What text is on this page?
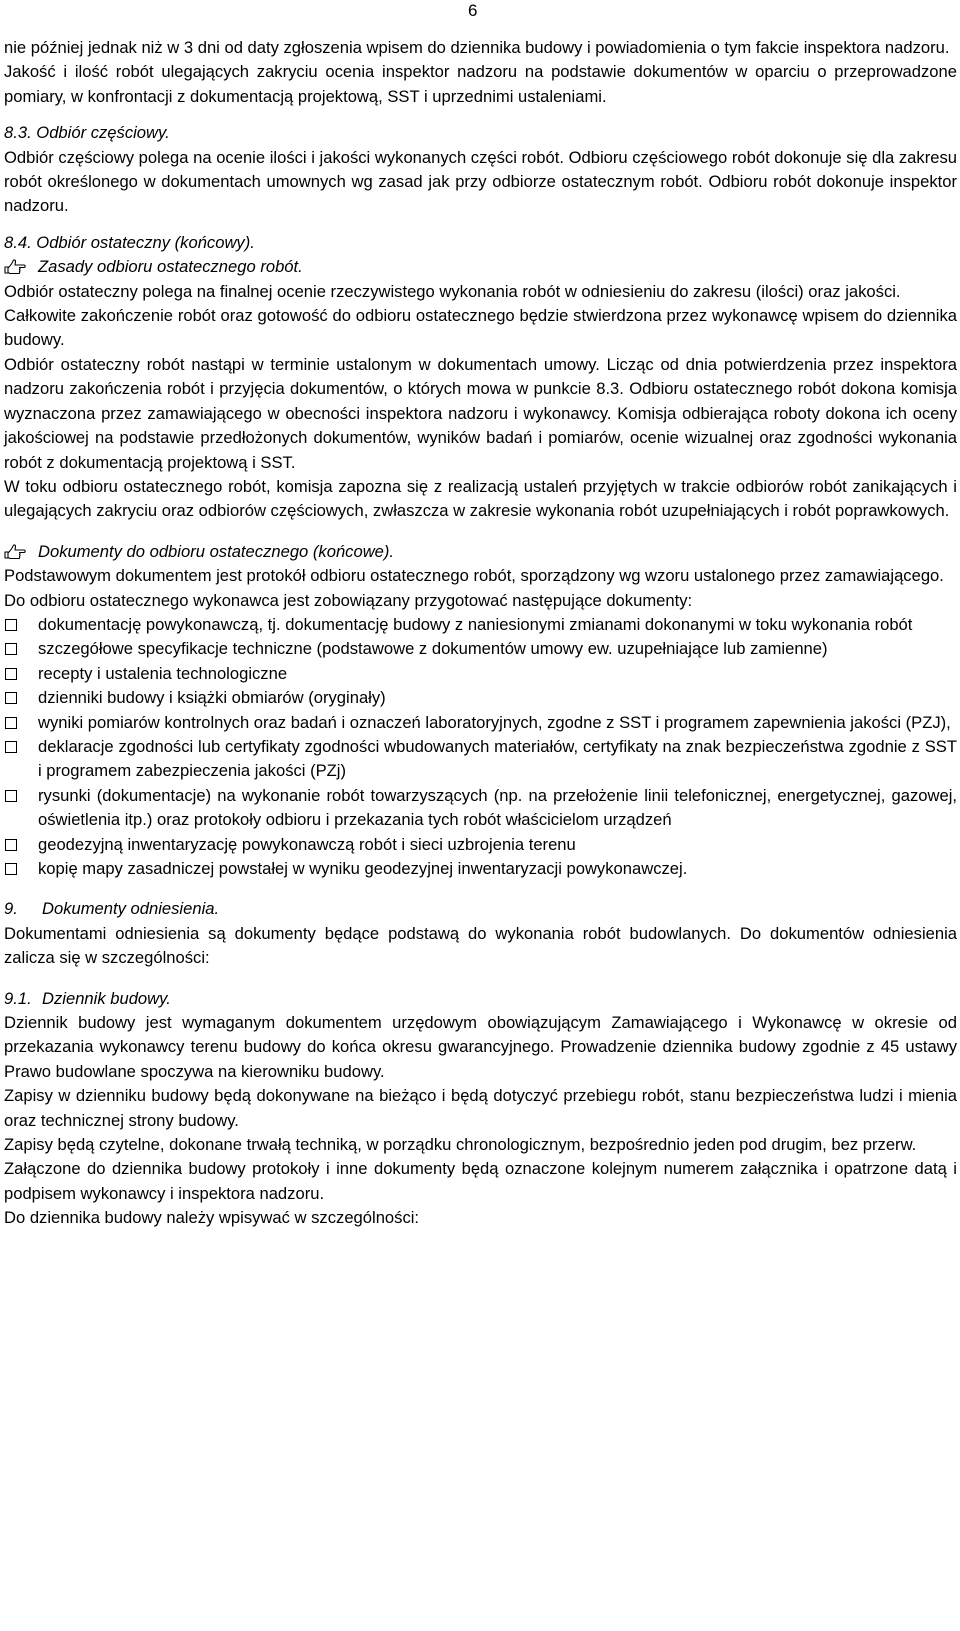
6

nie później jednak niż w 3 dni od daty zgłoszenia wpisem do dziennika budowy i powiadomienia o tym fakcie inspektora nadzoru.

Jakość i ilość robót ulegających zakryciu ocenia inspektor nadzoru na podstawie dokumentów w oparciu o przeprowadzone pomiary, w konfrontacji z dokumentacją projektową, SST i uprzednimi ustaleniami.

8.3. Odbiór częściowy.

Odbiór częściowy polega na ocenie ilości i jakości wykonanych części robót. Odbioru częściowego robót dokonuje się dla zakresu robót określonego w dokumentach umownych wg zasad jak przy odbiorze ostatecznym robót. Odbioru robót dokonuje inspektor nadzoru.

8.4. Odbiór ostateczny (końcowy).

Zasady odbioru ostatecznego robót.

Odbiór ostateczny polega na finalnej ocenie rzeczywistego wykonania robót w odniesieniu do zakresu (ilości) oraz jakości.

Całkowite zakończenie robót oraz gotowość do odbioru ostatecznego będzie stwierdzona przez wykonawcę wpisem do dziennika budowy.

Odbiór ostateczny robót nastąpi w terminie ustalonym w dokumentach umowy. Licząc od dnia potwierdzenia przez inspektora nadzoru zakończenia robót i przyjęcia dokumentów, o których mowa w punkcie 8.3. Odbioru ostatecznego robót dokona komisja wyznaczona przez zamawiającego w obecności inspektora nadzoru i wykonawcy. Komisja odbierająca roboty dokona ich oceny jakościowej na podstawie przedłożonych dokumentów, wyników badań i pomiarów, ocenie wizualnej oraz zgodności wykonania robót z dokumentacją projektową i SST.

W toku odbioru ostatecznego robót, komisja zapozna się z realizacją ustaleń przyjętych w trakcie odbiorów robót zanikających i ulegających zakryciu oraz odbiorów częściowych, zwłaszcza w zakresie wykonania robót uzupełniających i robót poprawkowych.

Dokumenty do odbioru ostatecznego (końcowe).

Podstawowym dokumentem jest protokół odbioru ostatecznego robót, sporządzony wg wzoru ustalonego przez zamawiającego.

Do odbioru ostatecznego wykonawca jest zobowiązany przygotować następujące dokumenty:

dokumentację powykonawczą, tj. dokumentację budowy z naniesionymi zmianami dokonanymi w toku wykonania robót
szczegółowe specyfikacje techniczne (podstawowe z dokumentów umowy ew. uzupełniające lub zamienne)
recepty i ustalenia technologiczne
dzienniki budowy i książki obmiarów (oryginały)
wyniki pomiarów kontrolnych oraz badań i oznaczeń laboratoryjnych, zgodne z SST i programem zapewnienia jakości (PZJ),
deklaracje zgodności lub certyfikaty zgodności wbudowanych materiałów, certyfikaty na znak bezpieczeństwa zgodnie z SST i programem zabezpieczenia jakości (PZj)
rysunki (dokumentacje) na wykonanie robót towarzyszących (np. na przełożenie linii telefonicznej, energetycznej, gazowej, oświetlenia itp.) oraz protokoły odbioru i przekazania tych robót właścicielom urządzeń
geodezyjną inwentaryzację powykonawczą robót i sieci uzbrojenia terenu
kopię mapy zasadniczej powstałej w wyniku geodezyjnej inwentaryzacji powykonawczej.

9. Dokumenty odniesienia.

Dokumentami odniesienia są dokumenty będące podstawą do wykonania robót budowlanych. Do dokumentów odniesienia zalicza się w szczególności:

9.1. Dziennik budowy.

Dziennik budowy jest wymaganym dokumentem urzędowym obowiązującym Zamawiającego i Wykonawcę w okresie od przekazania wykonawcy terenu budowy do końca okresu gwarancyjnego. Prowadzenie dziennika budowy zgodnie z 45 ustawy Prawo budowlane spoczywa na kierowniku budowy.

Zapisy w dzienniku budowy będą dokonywane na bieżąco i będą dotyczyć przebiegu robót, stanu bezpieczeństwa ludzi i mienia oraz technicznej strony budowy.

Zapisy będą czytelne, dokonane trwałą techniką, w porządku chronologicznym, bezpośrednio jeden pod drugim, bez przerw.

Załączone do dziennika budowy protokoły i inne dokumenty będą oznaczone kolejnym numerem załącznika i opatrzone datą i podpisem wykonawcy i inspektora nadzoru.

Do dziennika budowy należy wpisywać w szczególności:
